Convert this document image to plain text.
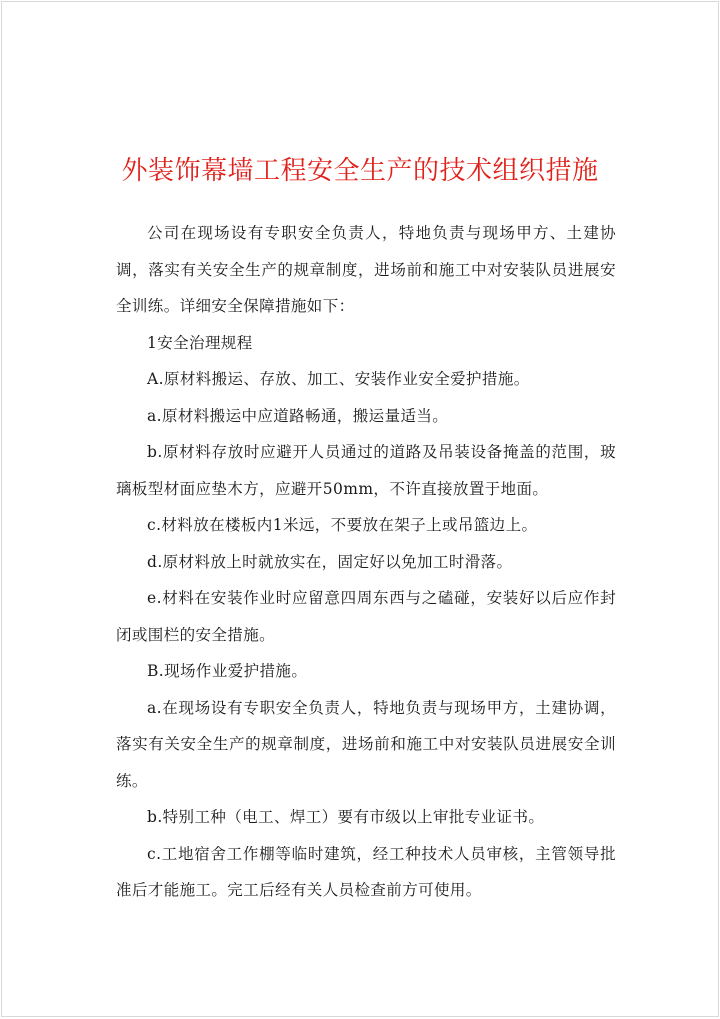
外装饰幕墙工程安全生产的技术组织措施

公司在现场设有专职安全负责人，特地负责与现场甲方、土建协调，落实有关安全生产的规章制度，进场前和施工中对安装队员进展安全训练。详细安全保障措施如下：

1安全治理规程

A.原材料搬运、存放、加工、安装作业安全爱护措施。

a.原材料搬运中应道路畅通，搬运量适当。

b.原材料存放时应避开人员通过的道路及吊装设备掩盖的范围，玻璃板型材面应垫木方，应避开50mm，不许直接放置于地面。

c.材料放在楼板内1米远，不要放在架子上或吊篮边上。

d.原材料放上时就放实在，固定好以免加工时滑落。

e.材料在安装作业时应留意四周东西与之磕碰，安装好以后应作封闭或围栏的安全措施。

B.现场作业爱护措施。

a.在现场设有专职安全负责人，特地负责与现场甲方，土建协调，落实有关安全生产的规章制度，进场前和施工中对安装队员进展安全训练。

b.特别工种（电工、焊工）要有市级以上审批专业证书。

c.工地宿舍工作棚等临时建筑，经工种技术人员审核，主管领导批准后才能施工。完工后经有关人员检查前方可使用。
